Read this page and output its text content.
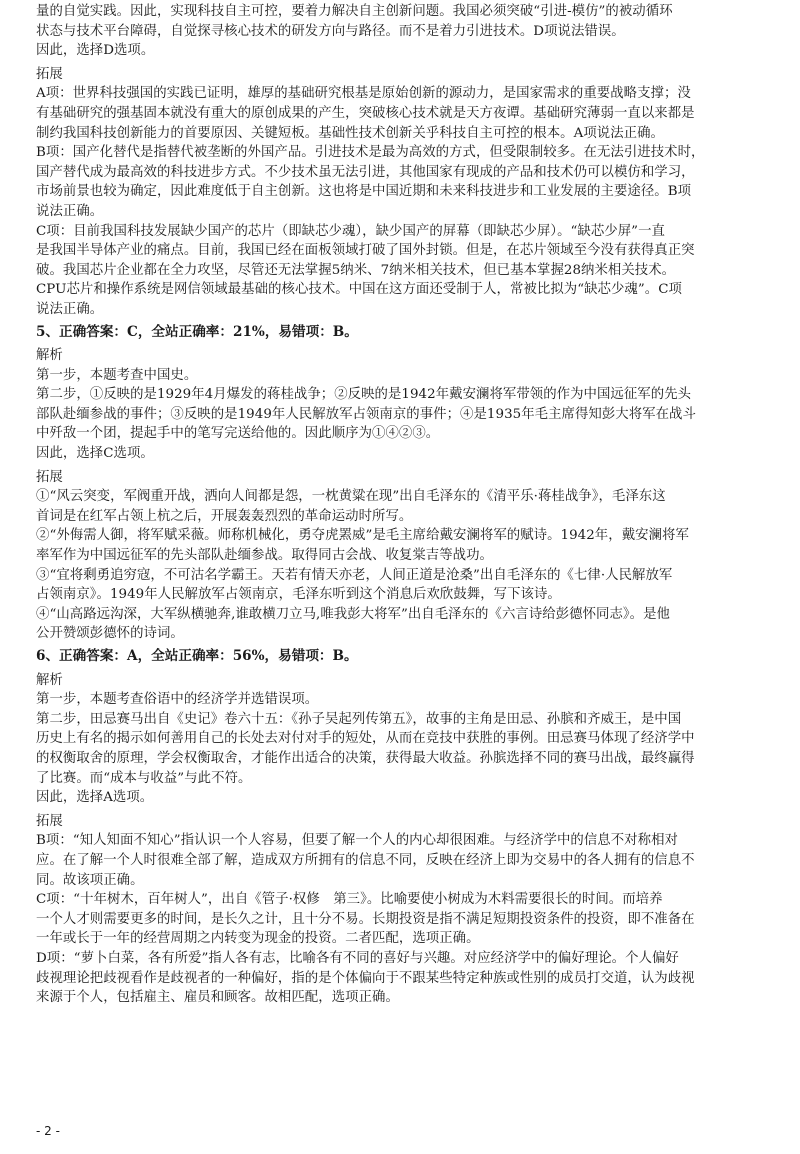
量的自觉实践。因此，实现科技自主可控，要着力解决自主创新问题。我国必须突破“引进-模仿”的被动循环
状态与技术平台障碍，自觉探寻核心技术的研发方向与路径。而不是着力引进技术。D项说法错误。
因此，选择D选项。
拓展
A项：世界科技强国的实践已证明，雄厚的基础研究根基是原始创新的源动力，是国家需求的重要战略支撑；没
有基础研究的强基固本就没有重大的原创成果的产生，突破核心技术就是天方夜谭。基础研究薄弱一直以来都是
制约我国科技创新能力的首要原因、关键短板。基础性技术创新关乎科技自主可控的根本。A项说法正确。
B项：国产化替代是指替代被垄断的外国产品。引进技术是最为高效的方式，但受限制较多。在无法引进技术时，
国产替代成为最高效的科技进步方式。不少技术虽无法引进，其他国家有现成的产品和技术仍可以模仿和学习，
市场前景也较为确定，因此难度低于自主创新。这也将是中国近期和未来科技进步和工业发展的主要途径。B项
说法正确。
C项：目前我国科技发展缺少国产的芯片（即缺芯少魂），缺少国产的屏幕（即缺芯少屏）。“缺芯少屏”一直
是我国半导体产业的痛点。目前，我国已经在面板领域打破了国外封锁。但是，在芯片领域至今没有获得真正突
破。我国芯片企业都在全力攻坚，尽管还无法掌握5纳米、7纳米相关技术，但已基本掌握28纳米相关技术。
CPU芯片和操作系统是网信领域最基础的核心技术。中国在这方面还受制于人，常被比拟为“缺芯少魂”。C项
说法正确。
5、正确答案：C，全站正确率：21%，易错项：B。
解析
第一步，本题考查中国史。
第二步，①反映的是1929年4月爆发的蒋桂战争；②反映的是1942年戴安澜将军带领的作为中国远征军的先头
部队赴缅参战的事件；③反映的是1949年人民解放军占领南京的事件；④是1935年毛主席得知彭大将军在战斗
中歼敌一个团，提起手中的笔写完送给他的。因此顺序为①④②③。
因此，选择C选项。
拓展
①“风云突变，军阀重开战，洒向人间都是怨，一枕黄粱在现”出自毛泽东的《清平乐·蒋桂战争》，毛泽东这
首词是在红军占领上杭之后，开展轰轰烈烈的革命运动时所写。
②“外侮需人御，将军赋采薇。师称机械化，勇夺虎罴威”是毛主席给戴安澜将军的赋诗。1942年，戴安澜将军
率军作为中国远征军的先头部队赴缅参战。取得同古会战、收复棠吉等战功。
③“宜将剩勇追穷寇，不可沽名学霸王。天若有情天亦老，人间正道是沧桑”出自毛泽东的《七律·人民解放军
占领南京》。1949年人民解放军占领南京，毛泽东听到这个消息后欢欣鼓舞，写下该诗。
④“山高路远沟深，大军纵横驰奔,谁敢横刀立马,唯我彭大将军”出自毛泽东的《六言诗给彭德怀同志》。是他
公开赞颂彭德怀的诗词。
6、正确答案：A，全站正确率：56%，易错项：B。
解析
第一步，本题考查俗语中的经济学并选错误项。
第二步，田忌赛马出自《史记》卷六十五：《孙子吴起列传第五》，故事的主角是田忌、孙膑和齐威王，是中国
历史上有名的揭示如何善用自己的长处去对付对手的短处，从而在竞技中获胜的事例。田忌赛马体现了经济学中
的权衡取舍的原理，学会权衡取舍，才能作出适合的决策，获得最大收益。孙膑选择不同的赛马出战，最终赢得
了比赛。而“成本与收益”与此不符。
因此，选择A选项。
拓展
B项：“知人知面不知心”指认识一个人容易，但要了解一个人的内心却很困难。与经济学中的信息不对称相对
应。在了解一个人时很难全部了解，造成双方所拥有的信息不同，反映在经济上即为交易中的各人拥有的信息不
同。故该项正确。
C项：“十年树木，百年树人”，出自《管子·权修　第三》。比喻要使小树成为木料需要很长的时间。而培养
一个人才则需要更多的时间，是长久之计，且十分不易。长期投资是指不满足短期投资条件的投资，即不准备在
一年或长于一年的经营周期之内转变为现金的投资。二者匹配，选项正确。
D项：“萝卜白菜，各有所爱”指人各有志，比喻各有不同的喜好与兴趣。对应经济学中的偏好理论。个人偏好
歧视理论把歧视看作是歧视者的一种偏好，指的是个体偏向于不跟某些特定种族或性别的成员打交道，认为歧视
来源于个人，包括雇主、雇员和顾客。故相匹配，选项正确。
- 2 -
